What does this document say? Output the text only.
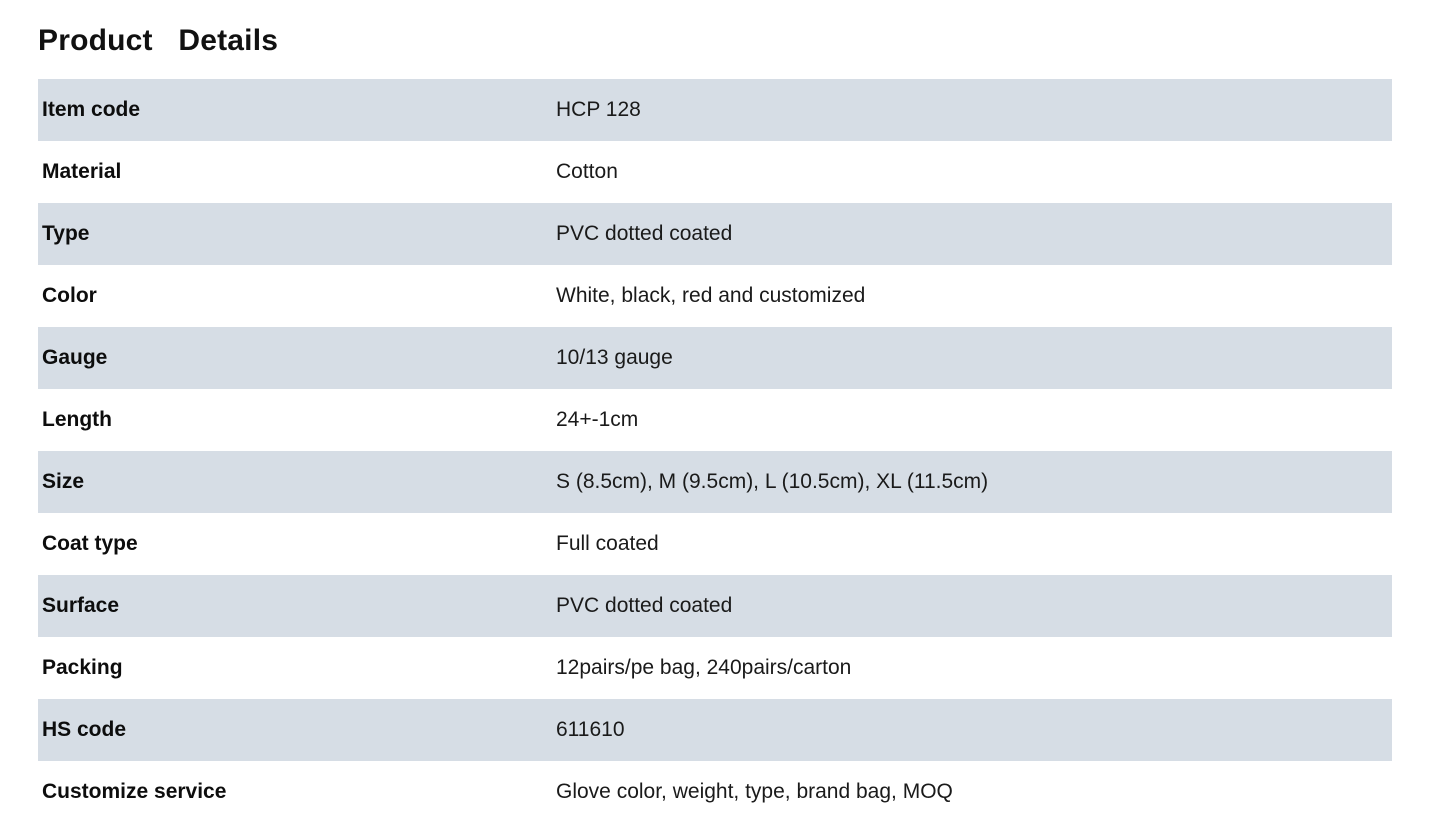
Product   Details
Item code	HCP 128
Material	Cotton
Type	PVC dotted coated
Color	White, black, red and customized
Gauge	10/13 gauge
Length	24+-1cm
Size	S (8.5cm), M (9.5cm), L (10.5cm), XL (11.5cm)
Coat type	Full coated
Surface	PVC dotted coated
Packing	12pairs/pe bag, 240pairs/carton
HS code	611610
Customize service	Glove color, weight, type, brand bag, MOQ
